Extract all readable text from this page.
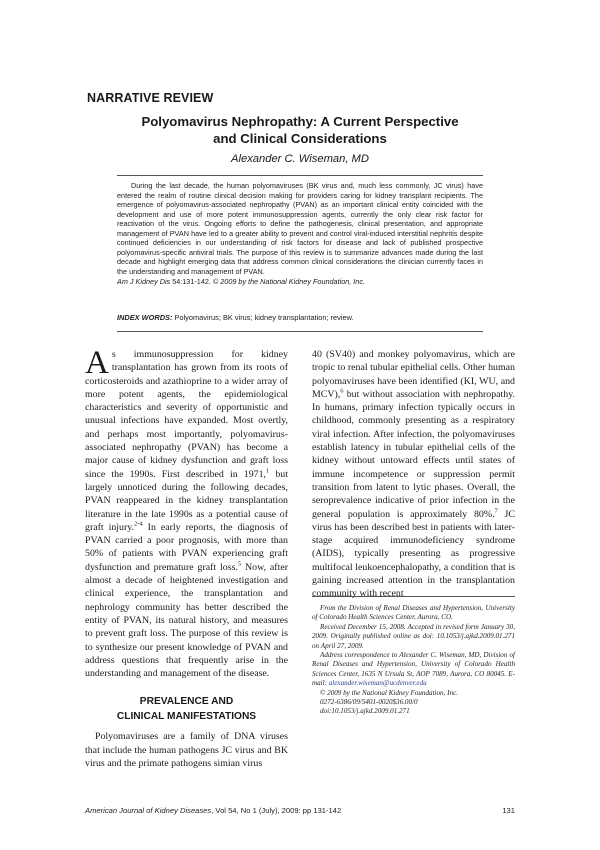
NARRATIVE REVIEW
Polyomavirus Nephropathy: A Current Perspective
and Clinical Considerations
Alexander C. Wiseman, MD
During the last decade, the human polyomaviruses (BK virus and, much less commonly, JC virus) have entered the realm of routine clinical decision making for providers caring for kidney transplant recipients. The emergence of polyomavirus-associated nephropathy (PVAN) as an important clinical entity coincided with the development and use of more potent immunosuppression agents, currently the only clear risk factor for reactivation of the virus. Ongoing efforts to define the pathogenesis, clinical presentation, and appropriate management of PVAN have led to a greater ability to prevent and control viral-induced interstitial nephritis despite continued deficiencies in our understanding of risk factors for disease and lack of published prospective polyomavirus-specific antiviral trials. The purpose of this review is to summarize advances made during the last decade and highlight emerging data that address common clinical considerations the clinician currently faces in the understanding and management of PVAN.
Am J Kidney Dis 54:131-142. © 2009 by the National Kidney Foundation, Inc.
INDEX WORDS: Polyomavirus; BK virus; kidney transplantation; review.

As immunosuppression for kidney transplantation has grown from its roots of corticosteroids and azathioprine to a wider array of more potent agents, the epidemiological characteristics and severity of opportunistic and unusual infections have expanded. Most overtly, and perhaps most importantly, polyomavirus-associated nephropathy (PVAN) has become a major cause of kidney dysfunction and graft loss since the 1990s. First described in 1971,$^1$ but largely unnoticed during the following decades, PVAN reappeared in the kidney transplantation literature in the late 1990s as a potential cause of graft injury.$^{2-4}$ In early reports, the diagnosis of PVAN carried a poor prognosis, with more than 50% of patients with PVAN experiencing graft dysfunction and premature graft loss.$^5$ Now, after almost a decade of heightened investigation and clinical experience, the transplantation and nephrology community has better described the entity of PVAN, its natural history, and measures to prevent graft loss. The purpose of this review is to synthesize our present knowledge of PVAN and address questions that frequently arise in the understanding and management of the disease.

PREVALENCE AND
CLINICAL MANIFESTATIONS
Polyomaviruses are a family of DNA viruses that include the human pathogens JC virus and BK virus and the primate pathogens simian virus

40 (SV40) and monkey polyomavirus, which are tropic to renal tubular epithelial cells. Other human polyomaviruses have been identified (KI, WU, and MCV),$^6$ but without association with nephropathy. In humans, primary infection typically occurs in childhood, commonly presenting as a respiratory viral infection. After infection, the polyomaviruses establish latency in tubular epithelial cells of the kidney without untoward effects until states of immune incompetence or suppression permit transition from latent to lytic phases. Overall, the seroprevalence indicative of prior infection in the general population is approximately 80%.$^7$ JC virus has been described best in patients with later-stage acquired immunodeficiency syndrome (AIDS), typically presenting as progressive multifocal leukoencephalopathy, a condition that is gaining increased attention in the transplantation community with recent

From the Division of Renal Diseases and Hypertension, University of Colorado Health Sciences Center, Aurora, CO.

Received December 15, 2008. Accepted in revised form January 30, 2009. Originally published online as doi: 10.1053/j.ajkd.2009.01.271 on April 27, 2009.

Address correspondence to Alexander C. Wiseman, MD, Division of Renal Diseases and Hypertension, University of Colorado Health Sciences Center, 1635 N Ursula St, AOP 7089, Aurora, CO 80045. E-mail: alexander.wiseman@ucdenver.edu

© 2009 by the National Kidney Foundation, Inc.

0272-6386/09/5401-0020$36.00/0

doi:10.1053/j.ajkd.2009.01.271

American Journal of Kidney Diseases, Vol 54, No 1 (July), 2009: pp 131-142	131
